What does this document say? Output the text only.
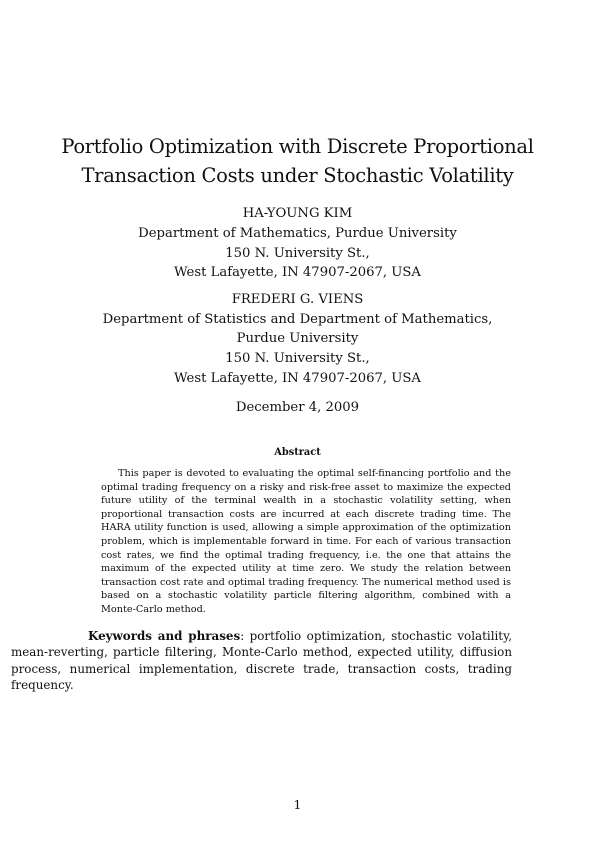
Portfolio Optimization with Discrete Proportional
Transaction Costs under Stochastic Volatility
HA-YOUNG KIM
Department of Mathematics, Purdue University
150 N. University St.,
West Lafayette, IN 47907-2067, USA
FREDERI G. VIENS
Department of Statistics and Department of Mathematics,
Purdue University
150 N. University St.,
West Lafayette, IN 47907-2067, USA
December 4, 2009
Abstract
This paper is devoted to evaluating the optimal self-financing portfolio and the optimal trading frequency on a risky and risk-free asset to maximize the expected future utility of the terminal wealth in a stochastic volatility setting, when proportional transaction costs are incurred at each discrete trading time. The HARA utility function is used, allowing a simple approximation of the optimization problem, which is implementable forward in time. For each of various transaction cost rates, we find the optimal trading frequency, i.e. the one that attains the maximum of the expected utility at time zero. We study the relation between transaction cost rate and optimal trading frequency. The numerical method used is based on a stochastic volatility particle filtering algorithm, combined with a Monte-Carlo method.

Keywords and phrases: portfolio optimization, stochastic volatility, mean-reverting, particle filtering, Monte-Carlo method, expected utility, diffusion process, numerical implementation, discrete trade, transaction costs, trading frequency.

1
